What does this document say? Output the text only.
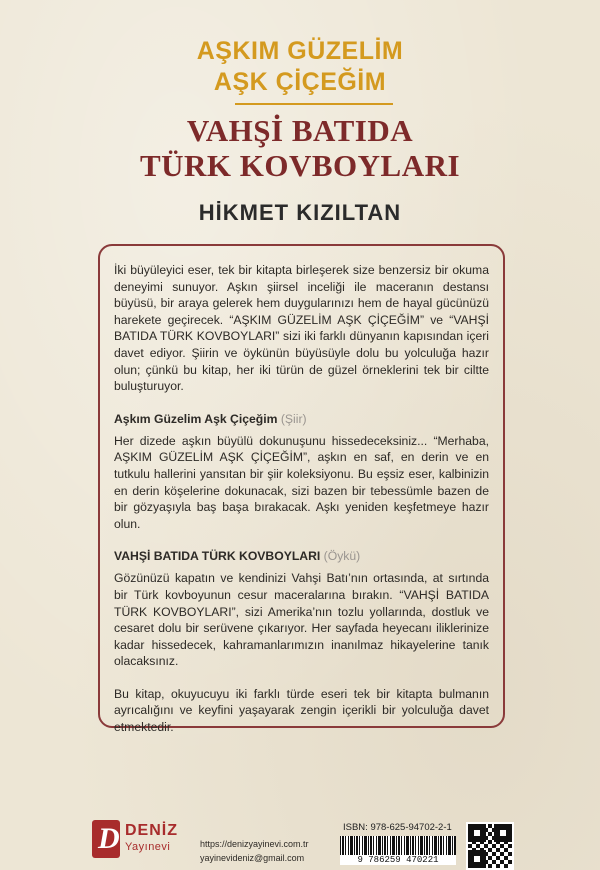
AŞKIM GÜZELİM
AŞK ÇİÇEĞİM
VAHŞİ BATIDA
TÜRK KOVBOYLARI
HİKMET KIZILTAN

İki büyüleyici eser, tek bir kitapta birleşerek size benzersiz bir okuma deneyimi sunuyor. Aşkın şiirsel inceliği ile maceranın destansı büyüsü, bir araya gelerek hem duygularınızı hem de hayal gücünüzü harekete geçirecek. “AŞKIM GÜZELİM AŞK ÇİÇEĞİM” ve “VAHŞİ BATIDA TÜRK KOVBOYLARI” sizi iki farklı dünyanın kapısından içeri davet ediyor. Şiirin ve öykünün büyüsüyle dolu bu yolculuğa hazır olun; çünkü bu kitap, her iki türün de güzel örneklerini tek bir ciltte buluşturuyor.

Aşkım Güzelim Aşk Çiçeğim (Şiir)

Her dizede aşkın büyülü dokunuşunu hissedeceksiniz... “Merhaba, AŞKIM GÜZELİM AŞK ÇİÇEĞİM”, aşkın en saf, en derin ve en tutkulu hallerini yansıtan bir şiir koleksiyonu. Bu eşsiz eser, kalbinizin en derin köşelerine dokunacak, sizi bazen bir tebessümle bazen de bir gözyaşıyla baş başa bırakacak. Aşkı yeniden keşfetmeye hazır olun.

VAHŞİ BATIDA TÜRK KOVBOYLARI (Öykü)

Gözünüzü kapatın ve kendinizi Vahşi Batı’nın ortasında, at sırtında bir Türk kovboyunun cesur maceralarına bırakın. “VAHŞİ BATIDA TÜRK KOVBOYLARI”, sizi Amerika’nın tozlu yollarında, dostluk ve cesaret dolu bir serüvene çıkarıyor. Her sayfada heyecanı iliklerinize kadar hissedecek, kahramanlarımızın inanılmaz hikayelerine tanık olacaksınız.

Bu kitap, okuyucuyu iki farklı türde eseri tek bir kitapta bulmanın ayrıcalığını ve keyfini yaşayarak zengin içerikli bir yolculuğa davet etmektedir.

D DENİZ
Yayınevi	https://denizyayinevi.com.tr
yayinevideniz@gmail.com
ISBN: 978-625-94702-2-1
9 786259 470221
